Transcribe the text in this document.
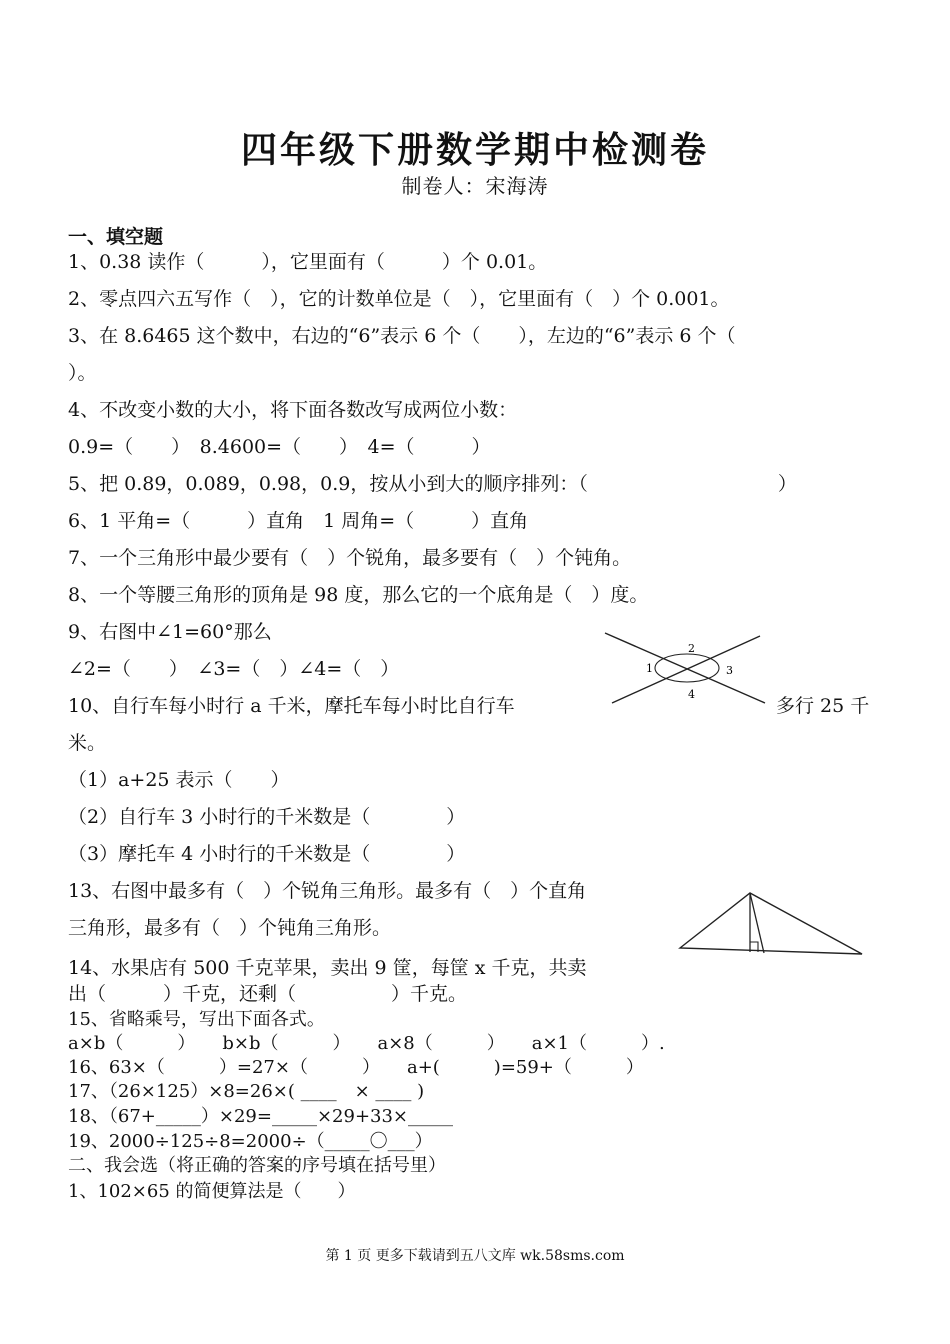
四年级下册数学期中检测卷
制卷人：宋海涛
一、填空题
1、0.38 读作（　　　），它里面有（　　　）个 0.01。
2、零点四六五写作（　），它的计数单位是（　），它里面有（　）个 0.001。
3、在 8.6465 这个数中，右边的“6”表示 6 个（　　），左边的“6”表示 6 个（
）。
4、不改变小数的大小，将下面各数改写成两位小数：
0.9=（　　）　8.4600=（　　）　4=（　　　）
5、把 0.89，0.089，0.98，0.9，按从小到大的顺序排列：（　　　　　　　　　　）
6、1 平角=（　　　）直角　1 周角=（　　　）直角
7、一个三角形中最少要有（　）个锐角，最多要有（　）个钝角。
8、一个等腰三角形的顶角是 98 度，那么它的一个底角是（　）度。
9、右图中∠1=60°那么
∠2=（　　）　∠3=（　）∠4=（　）
10、自行车每小时行 a 千米，摩托车每小时比自行车	多行 25 千
米。
（1）a+25 表示（　　）
（2）自行车 3 小时行的千米数是（　　　　）
（3）摩托车 4 小时行的千米数是（　　　　）
13、右图中最多有（　）个锐角三角形。最多有（　）个直角
三角形，最多有（　）个钝角三角形。
14、水果店有 500 千克苹果，卖出 9 筐，每筐 x 千克，共卖
出（　　　）千克，还剩（　　　　　）千克。
15、省略乘号，写出下面各式。
a×b（　　　）　　b×b（　　　）　　a×8（　　　）　　a×1（　　　）.
16、63×（　　　）=27×（　　　）　　a+(　　　)=59+（　　　）
17、（26×125）×8=26×( ____　× ____ )
18、（67+_____）×29=_____×29+33×_____
19、2000÷125÷8=2000÷（_____〇___）
二、我会选（将正确的答案的序号填在括号里）
1、102×65 的简便算法是（　　）
1
2
3
4
第 1 页 更多下载请到五八文库 wk.58sms.com
